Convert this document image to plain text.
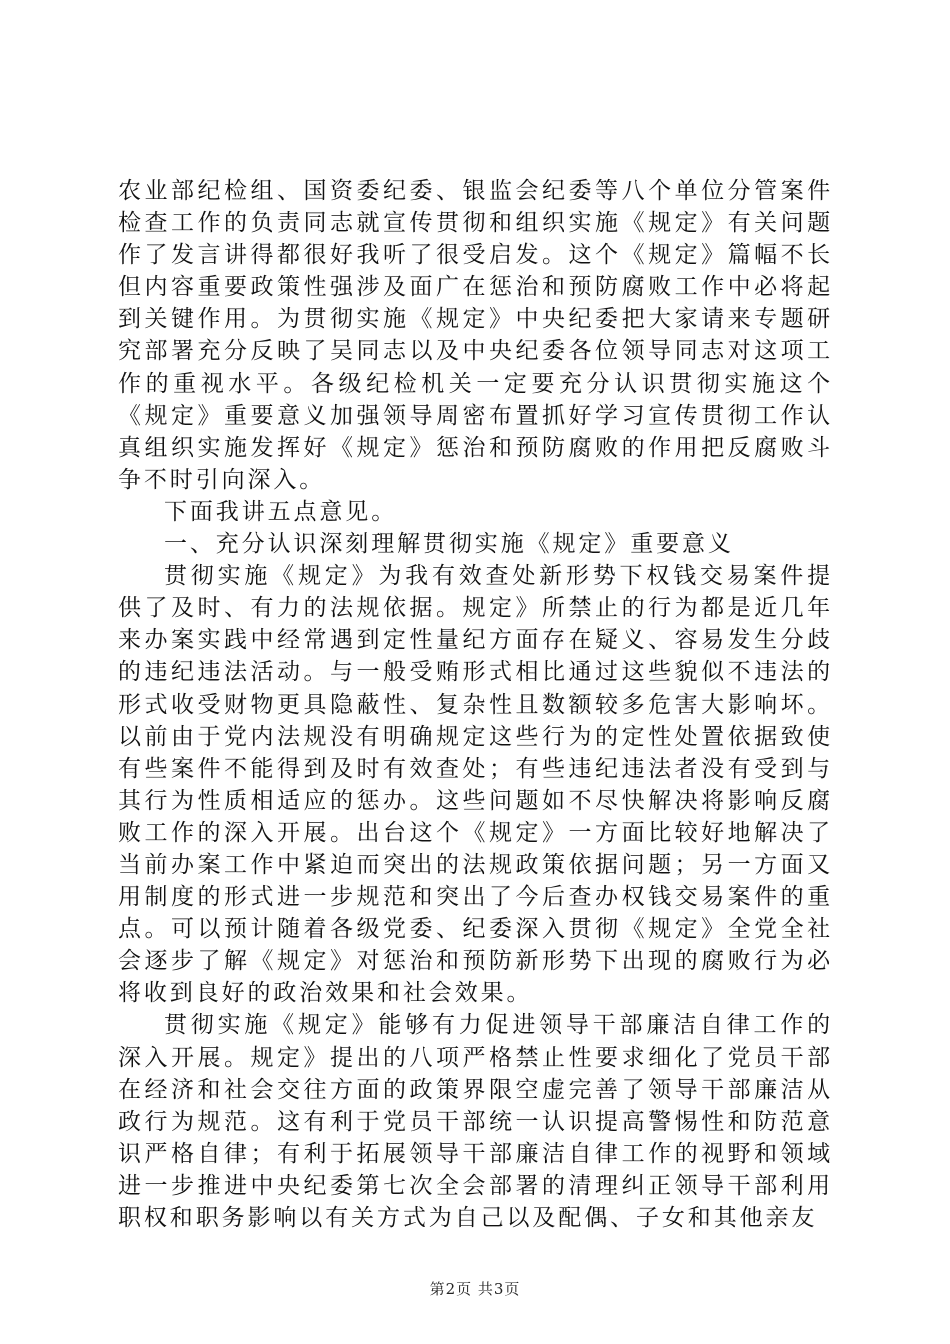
农业部纪检组、国资委纪委、银监会纪委等八个单位分管案件检查工作的负责同志就宣传贯彻和组织实施《规定》有关问题作了发言讲得都很好我听了很受启发。这个《规定》篇幅不长但内容重要政策性强涉及面广在惩治和预防腐败工作中必将起到关键作用。为贯彻实施《规定》中央纪委把大家请来专题研究部署充分反映了吴同志以及中央纪委各位领导同志对这项工作的重视水平。各级纪检机关一定要充分认识贯彻实施这个《规定》重要意义加强领导周密布置抓好学习宣传贯彻工作认真组织实施发挥好《规定》惩治和预防腐败的作用把反腐败斗争不时引向深入。

下面我讲五点意见。

一、充分认识深刻理解贯彻实施《规定》重要意义

贯彻实施《规定》为我有效查处新形势下权钱交易案件提供了及时、有力的法规依据。规定》所禁止的行为都是近几年来办案实践中经常遇到定性量纪方面存在疑义、容易发生分歧的违纪违法活动。与一般受贿形式相比通过这些貌似不违法的形式收受财物更具隐蔽性、复杂性且数额较多危害大影响坏。以前由于党内法规没有明确规定这些行为的定性处置依据致使有些案件不能得到及时有效查处；有些违纪违法者没有受到与其行为性质相适应的惩办。这些问题如不尽快解决将影响反腐败工作的深入开展。出台这个《规定》一方面比较好地解决了当前办案工作中紧迫而突出的法规政策依据问题；另一方面又用制度的形式进一步规范和突出了今后查办权钱交易案件的重点。可以预计随着各级党委、纪委深入贯彻《规定》全党全社会逐步了解《规定》对惩治和预防新形势下出现的腐败行为必将收到良好的政治效果和社会效果。

贯彻实施《规定》能够有力促进领导干部廉洁自律工作的深入开展。规定》提出的八项严格禁止性要求细化了党员干部在经济和社会交往方面的政策界限空虚完善了领导干部廉洁从政行为规范。这有利于党员干部统一认识提高警惕性和防范意识严格自律；有利于拓展领导干部廉洁自律工作的视野和领域进一步推进中央纪委第七次全会部署的清理纠正领导干部利用职权和职务影响以有关方式为自己以及配偶、子女和其他亲友

第2页 共3页
